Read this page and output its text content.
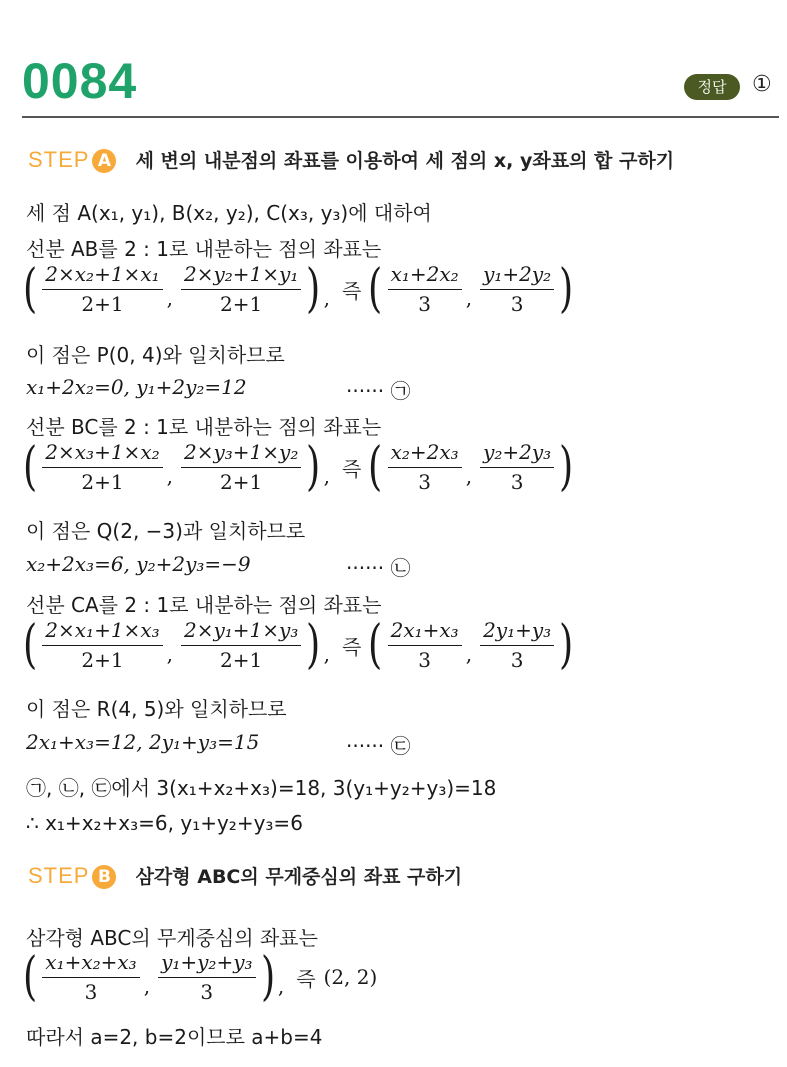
0084	정답	①
STEP A 세 변의 내분점의 좌표를 이용하여 세 점의 x, y좌표의 합 구하기
세 점 A(x₁, y₁), B(x₂, y₂), C(x₃, y₃)에 대하여
선분 AB를 2 : 1로 내분하는 점의 좌표는
( $\frac{\text{2×x₂+1×x₁}}{2+1}$ , $\frac{\text{2×y₂+1×y₁}}{2+1}$ ) , 즉 ( $\frac{\text{x₁+2x₂}}{3}$ , $\frac{\text{y₁+2y₂}}{3}$ )
이 점은 P(0, 4)와 일치하므로
x₁+2x₂=0, y₁+2y₂=12	······ ㉠
선분 BC를 2 : 1로 내분하는 점의 좌표는
( $\frac{\text{2×x₃+1×x₂}}{2+1}$ , $\frac{\text{2×y₃+1×y₂}}{2+1}$ ) , 즉 ( $\frac{\text{x₂+2x₃}}{3}$ , $\frac{\text{y₂+2y₃}}{3}$ )
이 점은 Q(2, −3)과 일치하므로
x₂+2x₃=6, y₂+2y₃=−9	······ ㉡
선분 CA를 2 : 1로 내분하는 점의 좌표는
( $\frac{\text{2×x₁+1×x₃}}{2+1}$ , $\frac{\text{2×y₁+1×y₃}}{2+1}$ ) , 즉 ( $\frac{\text{2x₁+x₃}}{3}$ , $\frac{\text{2y₁+y₃}}{3}$ )
이 점은 R(4, 5)와 일치하므로
2x₁+x₃=12, 2y₁+y₃=15	······ ㉢
㉠, ㉡, ㉢에서 3(x₁+x₂+x₃)=18, 3(y₁+y₂+y₃)=18
∴ x₁+x₂+x₃=6, y₁+y₂+y₃=6
STEP B 삼각형 ABC의 무게중심의 좌표 구하기
삼각형 ABC의 무게중심의 좌표는
( $\frac{\text{x₁+x₂+x₃}}{3}$ , $\frac{\text{y₁+y₂+y₃}}{3}$ ) , 즉 (2, 2)
따라서 a=2, b=2이므로 a+b=4
